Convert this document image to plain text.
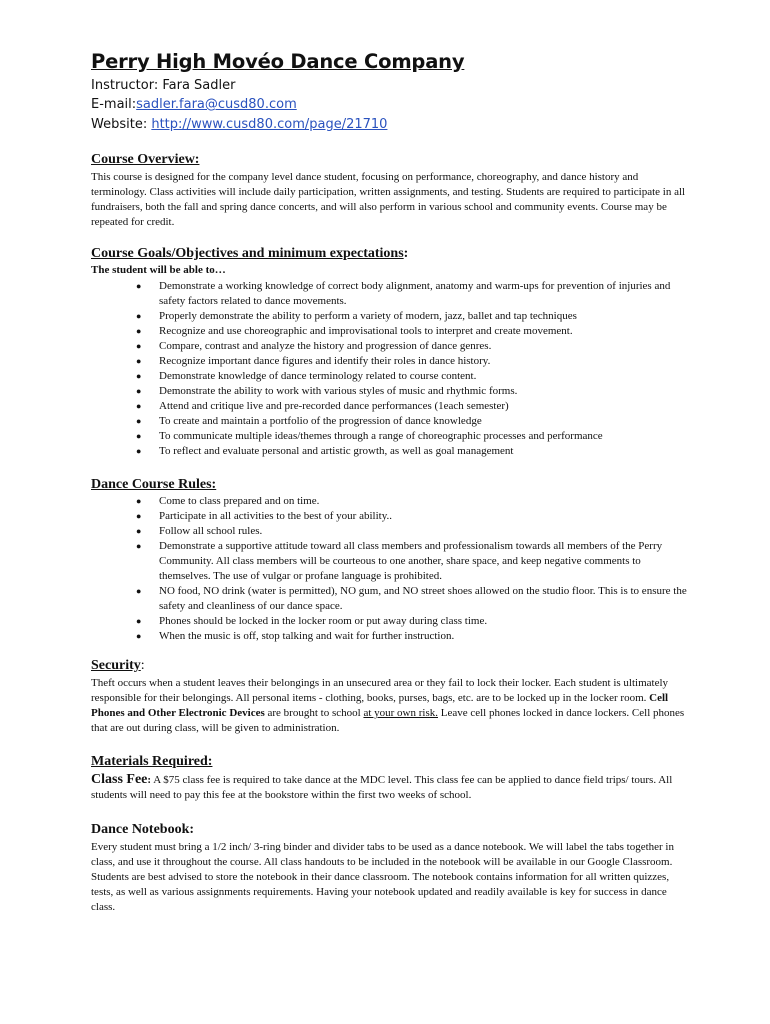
Perry High Movéo Dance Company
Instructor: Fara Sadler
E-mail:sadler.fara@cusd80.com
Website: http://www.cusd80.com/page/21710
Course Overview:

This course is designed for the company level dance student, focusing on performance, choreography, and dance history and terminology. Class activities will include daily participation, written assignments, and testing. Students are required to participate in all fundraisers, both the fall and spring dance concerts, and will also perform in various school and community events. Course may be repeated for credit.

Course Goals/Objectives and minimum expectations:
The student will be able to…
● Demonstrate a working knowledge of correct body alignment, anatomy and warm-ups for prevention of injuries and safety factors related to dance movements.
● Properly demonstrate the ability to perform a variety of modern, jazz, ballet and tap techniques
● Recognize and use choreographic and improvisational tools to interpret and create movement.
● Compare, contrast and analyze the history and progression of dance genres.
● Recognize important dance figures and identify their roles in dance history.
● Demonstrate knowledge of dance terminology related to course content.
● Demonstrate the ability to work with various styles of music and rhythmic forms.
● Attend and critique live and pre-recorded dance performances (1each semester)
● To create and maintain a portfolio of the progression of dance knowledge
● To communicate multiple ideas/themes through a range of choreographic processes and performance
● To reflect and evaluate personal and artistic growth, as well as goal management
Dance Course Rules:
● Come to class prepared and on time.
● Participate in all activities to the best of your ability..
● Follow all school rules.
● Demonstrate a supportive attitude toward all class members and professionalism towards all members of the Perry Community. All class members will be courteous to one another, share space, and keep negative comments to themselves. The use of vulgar or profane language is prohibited.
● NO food, NO drink (water is permitted), NO gum, and NO street shoes allowed on the studio floor. This is to ensure the safety and cleanliness of our dance space.
● Phones should be locked in the locker room or put away during class time.
● When the music is off, stop talking and wait for further instruction.
Security:

Theft occurs when a student leaves their belongings in an unsecured area or they fail to lock their locker. Each student is ultimately responsible for their belongings. All personal items - clothing, books, purses, bags, etc. are to be locked up in the locker room. Cell Phones and Other Electronic Devices are brought to school at your own risk. Leave cell phones locked in dance lockers. Cell phones that are out during class, will be given to administration.

Materials Required:

Class Fee: A $75 class fee is required to take dance at the MDC level. This class fee can be applied to dance field trips/ tours. All students will need to pay this fee at the bookstore within the first two weeks of school.

Dance Notebook:

Every student must bring a 1/2 inch/ 3-ring binder and divider tabs to be used as a dance notebook. We will label the tabs together in class, and use it throughout the course. All class handouts to be included in the notebook will be available in our Google Classroom. Students are best advised to store the notebook in their dance classroom. The notebook contains information for all written quizzes, tests, as well as various assignments requirements. Having your notebook updated and readily available is key for success in dance class.
